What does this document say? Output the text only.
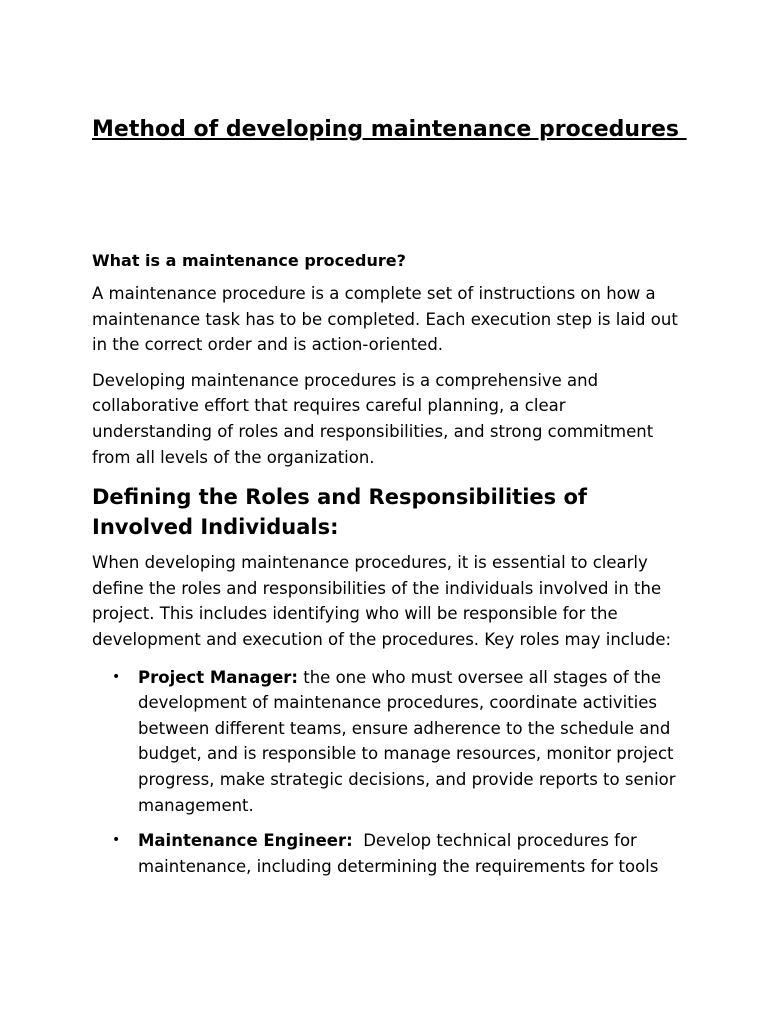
Method of developing maintenance procedures
What is a maintenance procedure?

A maintenance procedure is a complete set of instructions on how a maintenance task has to be completed. Each execution step is laid out in the correct order and is action-oriented.

Developing maintenance procedures is a comprehensive and collaborative effort that requires careful planning, a clear understanding of roles and responsibilities, and strong commitment from all levels of the organization.

Defining the Roles and Responsibilities of Involved Individuals:

When developing maintenance procedures, it is essential to clearly define the roles and responsibilities of the individuals involved in the project. This includes identifying who will be responsible for the development and execution of the procedures. Key roles may include:

• Project Manager: the one who must oversee all stages of the development of maintenance procedures, coordinate activities between different teams, ensure adherence to the schedule and budget, and is responsible to manage resources, monitor project progress, make strategic decisions, and provide reports to senior management.
• Maintenance Engineer:  Develop technical procedures for maintenance, including determining the requirements for tools
